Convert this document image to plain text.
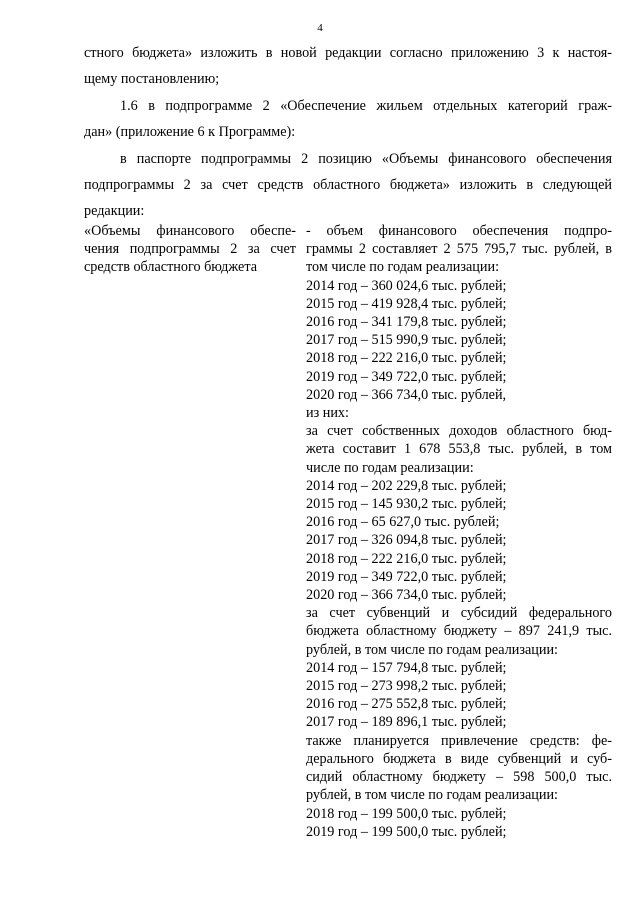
4

стного бюджета» изложить в новой редакции согласно приложению 3 к настоя-

щему постановлению;

1.6 в подпрограмме 2 «Обеспечение жильем отдельных категорий граж-

дан» (приложение 6 к Программе):

в паспорте подпрограммы 2 позицию «Объемы финансового обеспечения

подпрограммы 2 за счет средств областного бюджета» изложить в следующей

редакции:

«Объемы финансового обеспе-
чения подпрограммы 2 за счет
средств областного бюджета
- объем финансового обеспечения подпро-
граммы 2 составляет 2 575 795,7 тыс. рублей, в
том числе по годам реализации:
2014 год – 360 024,6 тыс. рублей;
2015 год – 419 928,4 тыс. рублей;
2016 год – 341 179,8 тыс. рублей;
2017 год – 515 990,9 тыс. рублей;
2018 год – 222 216,0 тыс. рублей;
2019 год – 349 722,0 тыс. рублей;
2020 год – 366 734,0 тыс. рублей,
из них:
за счет собственных доходов областного бюд-
жета составит 1 678 553,8 тыс. рублей, в том
числе по годам реализации:
2014 год – 202 229,8 тыс. рублей;
2015 год – 145 930,2 тыс. рублей;
2016 год – 65 627,0 тыс. рублей;
2017 год – 326 094,8 тыс. рублей;
2018 год – 222 216,0 тыс. рублей;
2019 год – 349 722,0 тыс. рублей;
2020 год – 366 734,0 тыс. рублей;
за счет субвенций и субсидий федерального
бюджета областному бюджету – 897 241,9 тыс.
рублей, в том числе по годам реализации:
2014 год – 157 794,8 тыс. рублей;
2015 год – 273 998,2 тыс. рублей;
2016 год – 275 552,8 тыс. рублей;
2017 год – 189 896,1 тыс. рублей;
также планируется привлечение средств: фе-
дерального бюджета в виде субвенций и суб-
сидий областному бюджету – 598 500,0 тыс.
рублей, в том числе по годам реализации:
2018 год – 199 500,0 тыс. рублей;
2019 год – 199 500,0 тыс. рублей;
